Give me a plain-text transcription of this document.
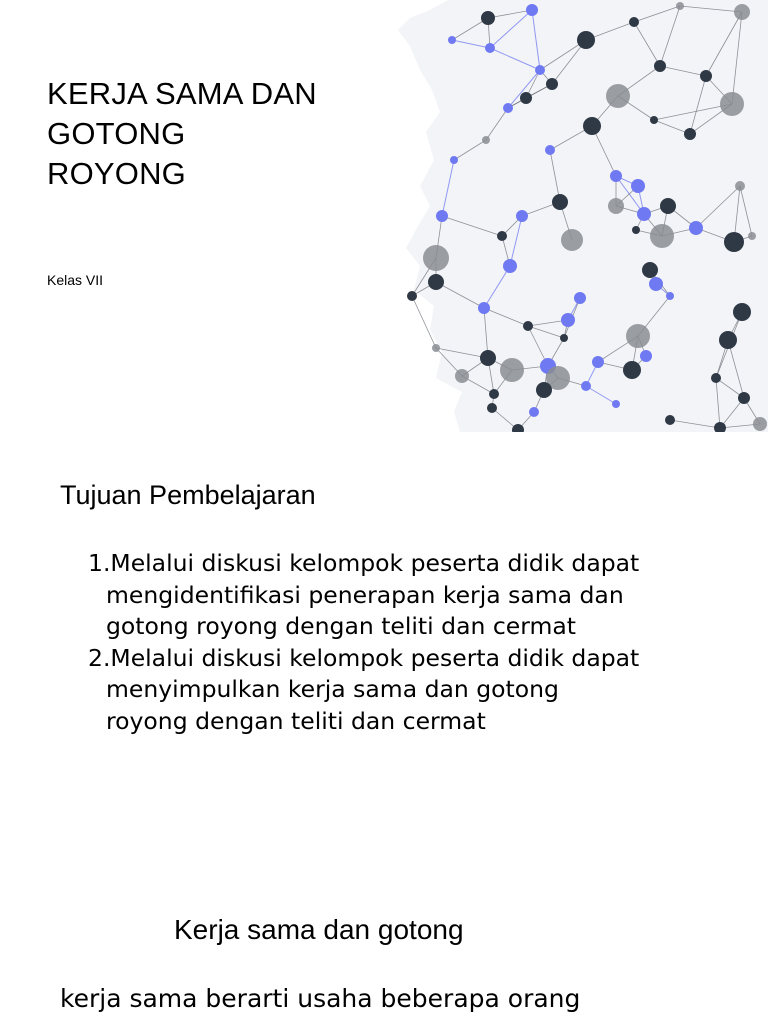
KERJA SAMA DAN
GOTONG
ROYONG
Kelas VII
Tujuan Pembelajaran
1.Melalui diskusi kelompok peserta didik dapat
mengidentifikasi penerapan kerja sama dan
gotong royong dengan teliti dan cermat
2.Melalui diskusi kelompok peserta didik dapat
menyimpulkan kerja sama dan gotong
royong dengan teliti dan cermat
Kerja sama dan gotong
kerja sama berarti usaha beberapa orang
